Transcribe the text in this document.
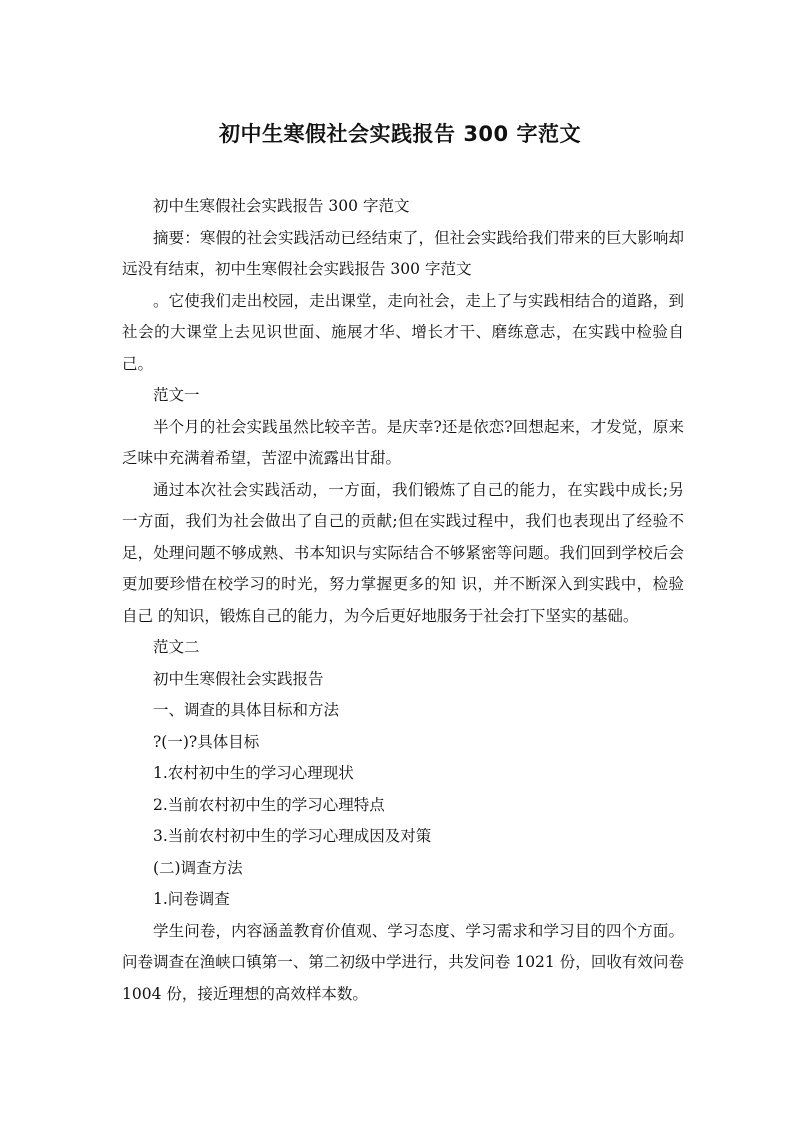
初中生寒假社会实践报告 300 字范文

初中生寒假社会实践报告 300 字范文

摘要：寒假的社会实践活动已经结束了，但社会实践给我们带来的巨大影响却远没有结束，初中生寒假社会实践报告 300 字范文

。它使我们走出校园，走出课堂，走向社会，走上了与实践相结合的道路，到社会的大课堂上去见识世面、施展才华、增长才干、磨练意志，在实践中检验自己。

范文一

半个月的社会实践虽然比较辛苦。是庆幸?还是依恋?回想起来，才发觉，原来乏味中充满着希望，苦涩中流露出甘甜。

通过本次社会实践活动，一方面，我们锻炼了自己的能力，在实践中成长;另一方面，我们为社会做出了自己的贡献;但在实践过程中，我们也表现出了经验不足，处理问题不够成熟、书本知识与实际结合不够紧密等问题。我们回到学校后会更加要珍惜在校学习的时光，努力掌握更多的知 识，并不断深入到实践中，检验自己 的知识，锻炼自己的能力，为今后更好地服务于社会打下坚实的基础。

范文二

初中生寒假社会实践报告

一、调查的具体目标和方法

?(一)?具体目标

1.农村初中生的学习心理现状

2.当前农村初中生的学习心理特点

3.当前农村初中生的学习心理成因及对策

(二)调查方法

1.问卷调查

学生问卷，内容涵盖教育价值观、学习态度、学习需求和学习目的四个方面。问卷调查在渔峡口镇第一、第二初级中学进行，共发问卷 1021 份，回收有效问卷 1004 份，接近理想的高效样本数。
